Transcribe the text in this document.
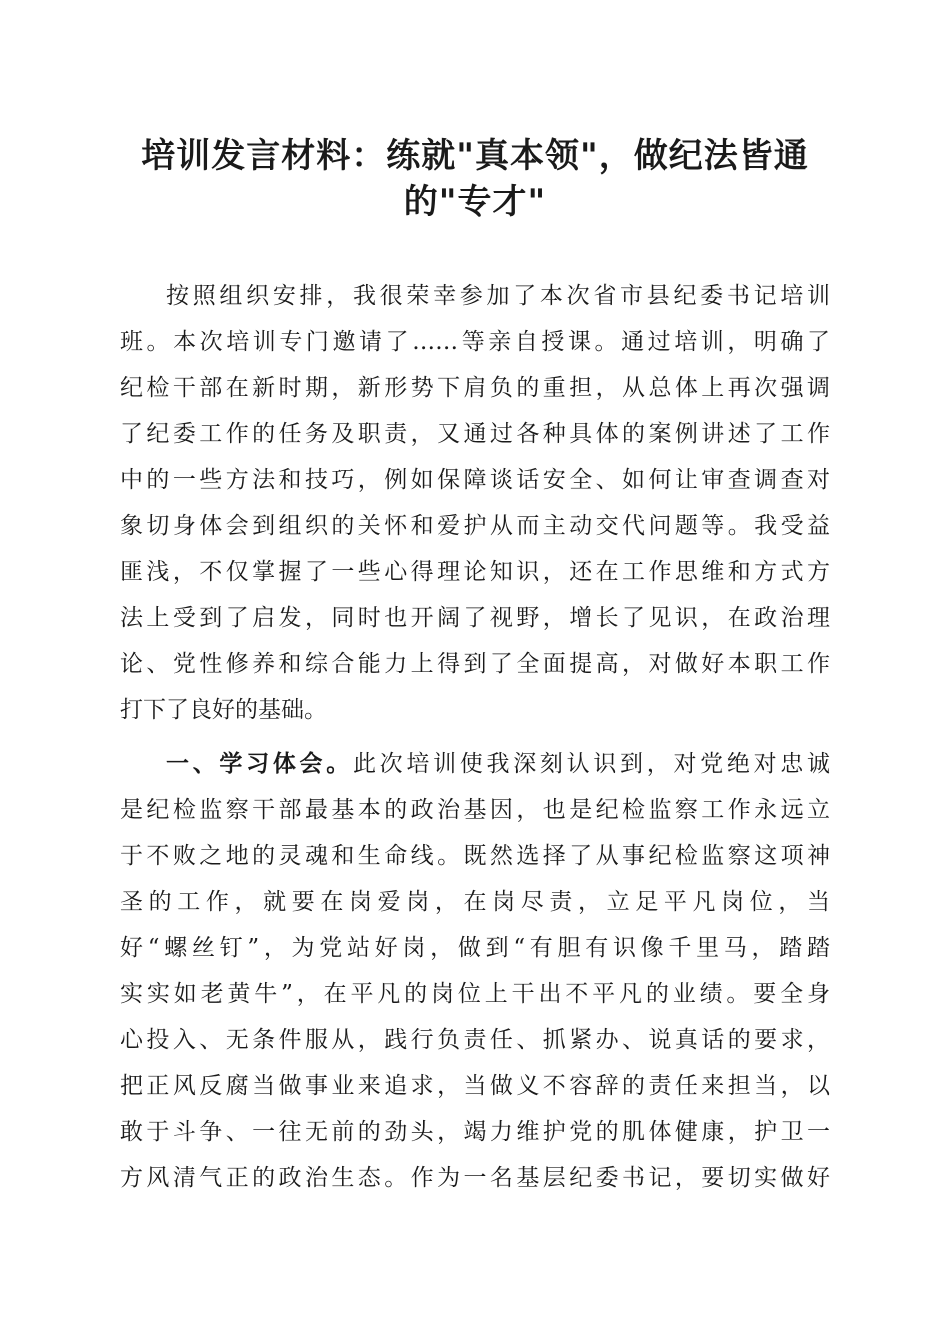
培训发言材料：练就"真本领"，做纪法皆通
的"专才"
按照组织安排，我很荣幸参加了本次省市县纪委书记培训
班。本次培训专门邀请了……等亲自授课。通过培训，明确了
纪检干部在新时期，新形势下肩负的重担，从总体上再次强调
了纪委工作的任务及职责，又通过各种具体的案例讲述了工作
中的一些方法和技巧，例如保障谈话安全、如何让审查调查对
象切身体会到组织的关怀和爱护从而主动交代问题等。我受益
匪浅，不仅掌握了一些心得理论知识，还在工作思维和方式方
法上受到了启发，同时也开阔了视野，增长了见识，在政治理
论、党性修养和综合能力上得到了全面提高，对做好本职工作
打下了良好的基础。
一、学习体会。此次培训使我深刻认识到，对党绝对忠诚
是纪检监察干部最基本的政治基因，也是纪检监察工作永远立
于不败之地的灵魂和生命线。既然选择了从事纪检监察这项神
圣的工作，就要在岗爱岗，在岗尽责，立足平凡岗位，当
好“螺丝钉”，为党站好岗，做到“有胆有识像千里马，踏踏
实实如老黄牛”，在平凡的岗位上干出不平凡的业绩。要全身
心投入、无条件服从，践行负责任、抓紧办、说真话的要求，
把正风反腐当做事业来追求，当做义不容辞的责任来担当，以
敢于斗争、一往无前的劲头，竭力维护党的肌体健康，护卫一
方风清气正的政治生态。作为一名基层纪委书记，要切实做好
